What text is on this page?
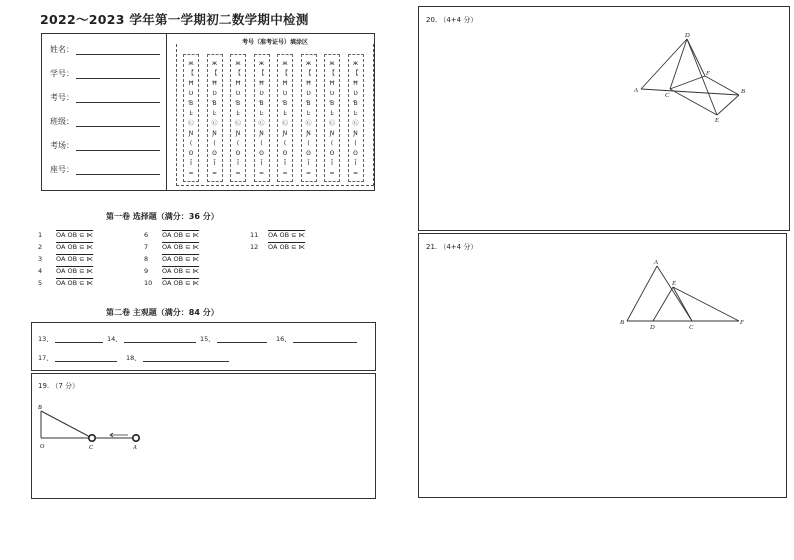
2022～2023 学年第一学期初二数学期中检测
姓名：
学号：
考号：
班级：
考场：
座号：
考号（准考证号）填涂区
ж
【
Ħ
Ʋ
Ɓ
Ŀ
Ⓒ
Ɲ
(
ʘ
Ī
═
ж
【
Ħ
Ʋ
Ɓ
Ŀ
Ⓒ
Ɲ
(
ʘ
Ī
═
ж
【
Ħ
Ʋ
Ɓ
Ŀ
Ⓒ
Ɲ
(
ʘ
Ī
═
ж
【
Ħ
Ʋ
Ɓ
Ŀ
Ⓒ
Ɲ
(
ʘ
Ī
═
ж
【
Ħ
Ʋ
Ɓ
Ŀ
Ⓒ
Ɲ
(
ʘ
Ī
═
ж
【
Ħ
Ʋ
Ɓ
Ŀ
Ⓒ
Ɲ
(
ʘ
Ī
═
ж
【
Ħ
Ʋ
Ɓ
Ŀ
Ⓒ
Ɲ
(
ʘ
Ī
═
ж
【
Ħ
Ʋ
Ɓ
Ŀ
Ⓒ
Ɲ
(
ʘ
Ī
═
第一卷 选择题（满分：36 分）
1	OA OB ⊆ ⋉
2	OA OB ⊆ ⋉
3	OA OB ⊆ ⋉
4	OA OB ⊆ ⋉
5	OA OB ⊆ ⋉
6	OA OB ⊆ ⋉
7	OA OB ⊆ ⋉
8	OA OB ⊆ ⋉
9	OA OB ⊆ ⋉
10	OA OB ⊆ ⋉
11	OA OB ⊆ ⋉
12	OA OB ⊆ ⋉
第二卷 主观题（满分：84 分）
13、	14、	15、	16、
17、	18、
19. （7 分）
B
O	C	A
20. （4+4 分）
D
F
A
C
B
E
21. （4+4 分）
A
E
B
D	C
F
